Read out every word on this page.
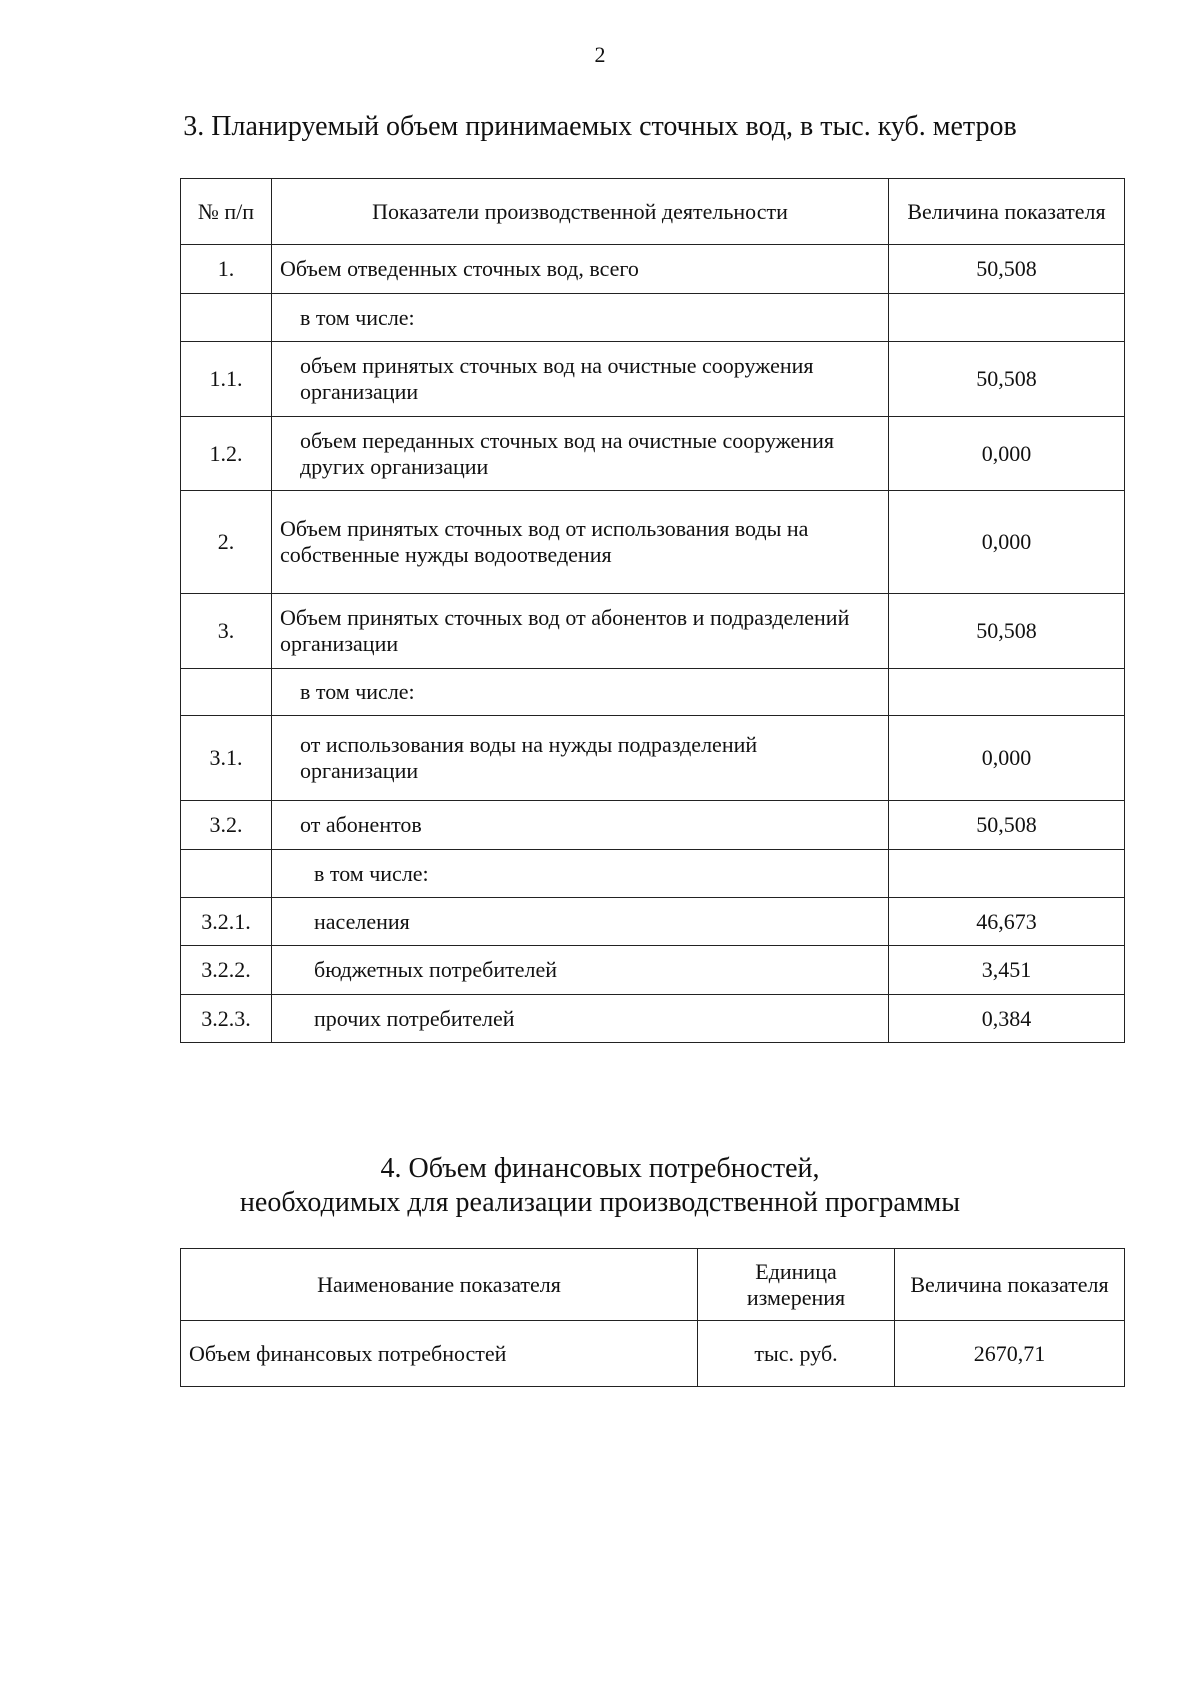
2
3. Планируемый объем принимаемых сточных вод, в тыс. куб. метров
№ п/п	Показатели производственной деятельности	Величина показателя
1.	Объем отведенных сточных вод, всего	50,508
	в том числе:	
1.1.	объем принятых сточных вод на очистные сооружения организации	50,508
1.2.	объем переданных сточных вод на очистные сооружения других организации	0,000
2.	Объем принятых сточных вод от использования воды на собственные нужды водоотведения	0,000
3.	Объем принятых сточных вод от абонентов и подразделений организации	50,508
	в том числе:	
3.1.	от использования воды на нужды подразделений организации	0,000
3.2.	от абонентов	50,508
	в том числе:	
3.2.1.	населения	46,673
3.2.2.	бюджетных потребителей	3,451
3.2.3.	прочих потребителей	0,384
4. Объем финансовых потребностей,
необходимых для реализации производственной программы
Наименование показателя	Единица измерения	Величина показателя
Объем финансовых потребностей	тыс. руб.	2670,71
